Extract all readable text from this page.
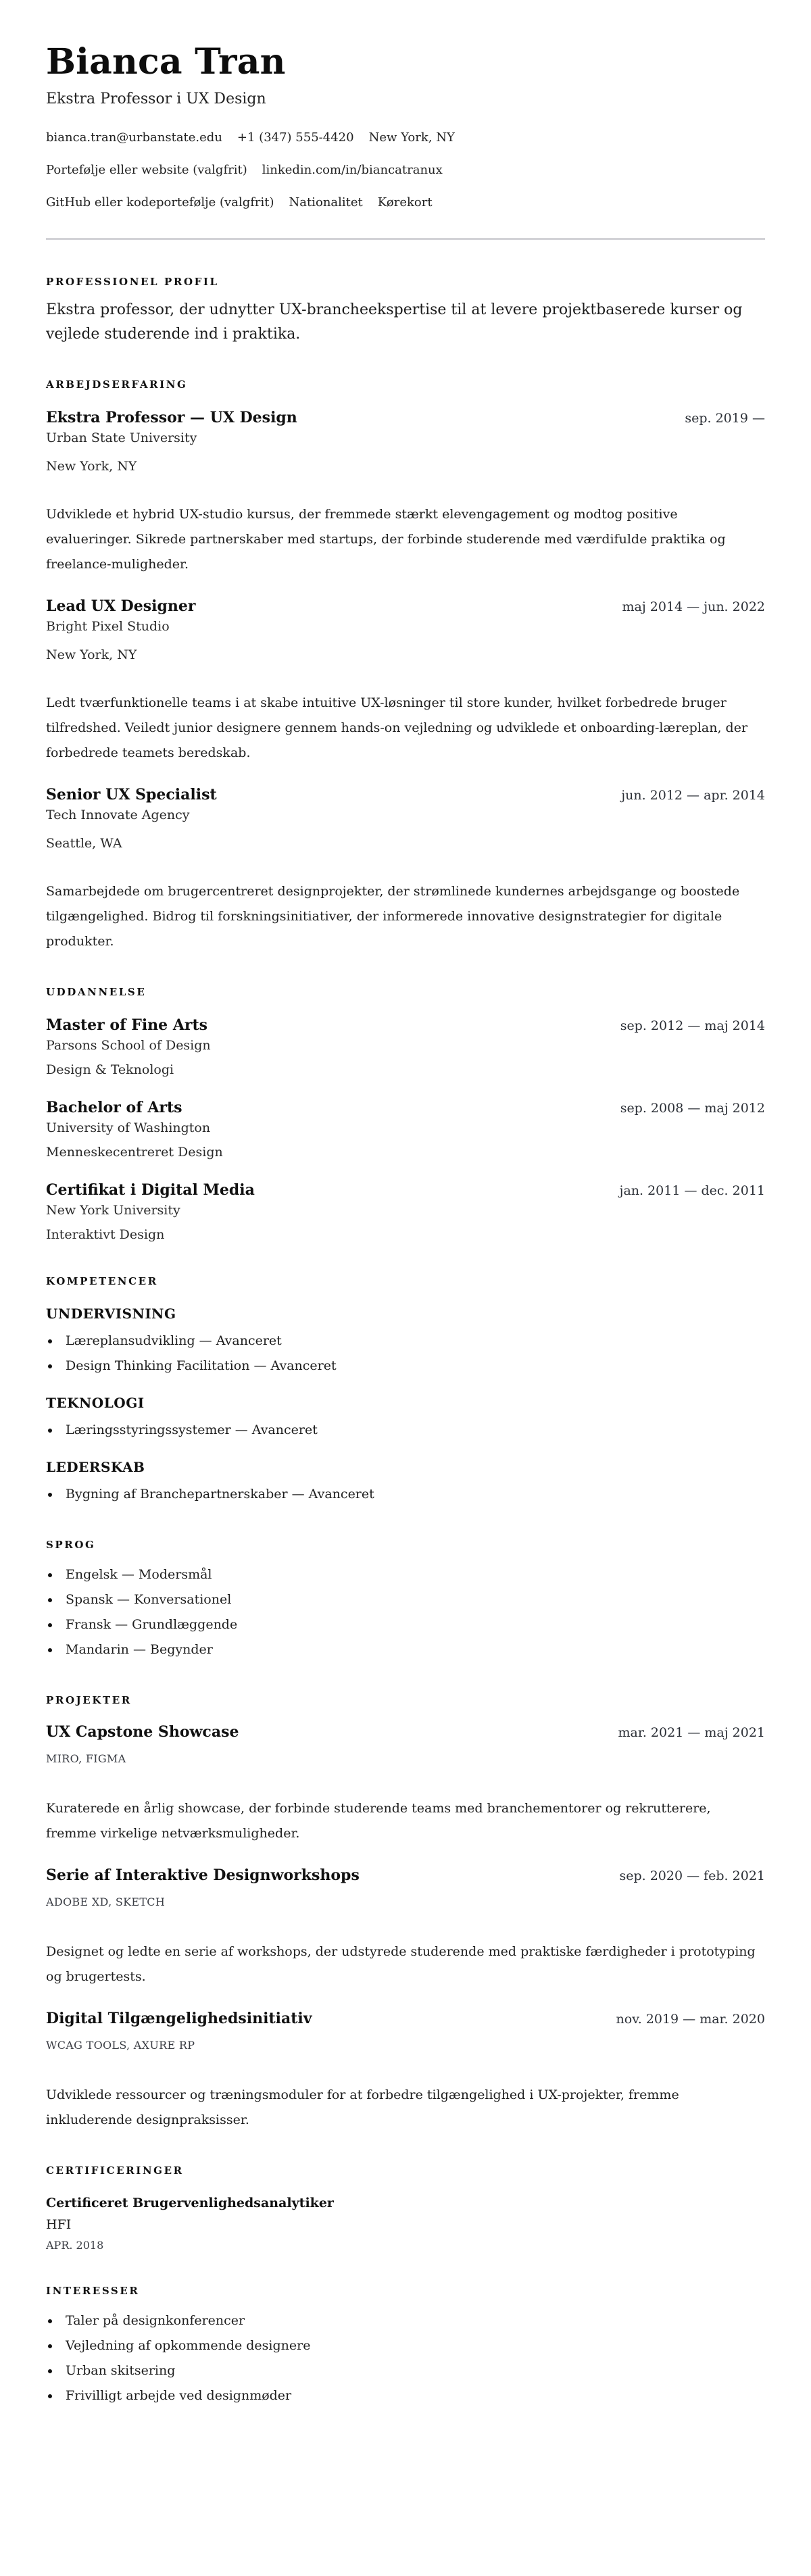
Bianca Tran
Ekstra Professor i UX Design
bianca.tran@urbanstate.edu +1 (347) 555-4420 New York, NY
Portefølje eller website (valgfrit) linkedin.com/in/biancatranux
GitHub eller kodeportefølje (valgfrit) Nationalitet Kørekort
PROFESSIONEL PROFIL

Ekstra professor, der udnytter UX-brancheekspertise til at levere projektbaserede kurser og vejlede studerende ind i praktika.

ARBEJDSERFARING
Ekstra Professor — UX Design	sep. 2019 —
Urban State University
New York, NY

Udviklede et hybrid UX-studio kursus, der fremmede stærkt elevengagement og modtog positive evalueringer. Sikrede partnerskaber med startups, der forbinde studerende med værdifulde praktika og freelance-muligheder.

Lead UX Designer	maj 2014 — jun. 2022
Bright Pixel Studio
New York, NY

Ledt tværfunktionelle teams i at skabe intuitive UX-løsninger til store kunder, hvilket forbedrede bruger tilfredshed. Veiledt junior designere gennem hands-on vejledning og udviklede et onboarding-læreplan, der forbedrede teamets beredskab.

Senior UX Specialist	jun. 2012 — apr. 2014
Tech Innovate Agency
Seattle, WA

Samarbejdede om brugercentreret designprojekter, der strømlinede kundernes arbejdsgange og boostede tilgængelighed. Bidrog til forskningsinitiativer, der informerede innovative designstrategier for digitale produkter.

UDDANNELSE
Master of Fine Arts	sep. 2012 — maj 2014
Parsons School of Design
Design & Teknologi
Bachelor of Arts	sep. 2008 — maj 2012
University of Washington
Menneskecentreret Design
Certifikat i Digital Media	jan. 2011 — dec. 2011
New York University
Interaktivt Design
KOMPETENCER
UNDERVISNING
Læreplansudvikling — Avanceret
Design Thinking Facilitation — Avanceret
TEKNOLOGI
Læringsstyringssystemer — Avanceret
LEDERSKAB
Bygning af Branchepartnerskaber — Avanceret
SPROG
Engelsk — Modersmål
Spansk — Konversationel
Fransk — Grundlæggende
Mandarin — Begynder
PROJEKTER
UX Capstone Showcase	mar. 2021 — maj 2021
MIRO, FIGMA

Kuraterede en årlig showcase, der forbinde studerende teams med branchementorer og rekrutterere, fremme virkelige netværksmuligheder.

Serie af Interaktive Designworkshops	sep. 2020 — feb. 2021
ADOBE XD, SKETCH

Designet og ledte en serie af workshops, der udstyrede studerende med praktiske færdigheder i prototyping og brugertests.

Digital Tilgængelighedsinitiativ	nov. 2019 — mar. 2020
WCAG TOOLS, AXURE RP

Udviklede ressourcer og træningsmoduler for at forbedre tilgængelighed i UX-projekter, fremme inkluderende designpraksisser.

CERTIFICERINGER
Certificeret Brugervenlighedsanalytiker
HFI
APR. 2018
INTERESSER
Taler på designkonferencer
Vejledning af opkommende designere
Urban skitsering
Frivilligt arbejde ved designmøder
